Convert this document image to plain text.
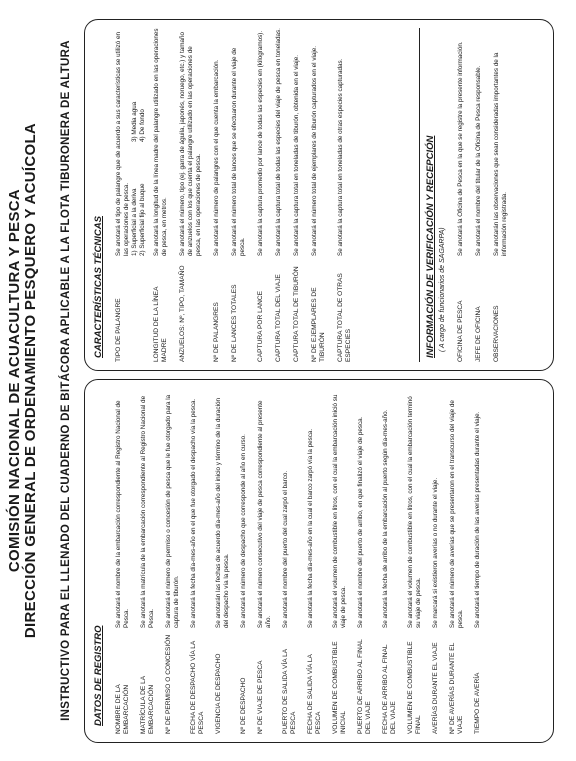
COMISIÓN NACIONAL DE ACUACULTURA Y PESCA DIRECCIÓN GENERAL DE ORDENAMIENTO PESQUERO Y ACUÍCOLA INSTRUCTIVO PARA EL LLENADO DEL CUADERNO DE BITÁCORA APLICABLE A LA FLOTA TIBURONERA DE ALTURA DATOS DE REGISTRO NOMBRE DE LA EMBARCACIÓN
Se anotará el nombre de la embarcación correspondiente al Registro Nacional de Pesca.
MATRÍCULA DE LA EMBARCACIÓN
Se anotará la matrícula de la embarcación correspondiente al Registro Nacional de Pesca.
Nº DE PERMISO O CONCESIÓN
Se anotará el número de permiso o concesión de pesca que le fue otorgado para la captura de tiburón.
FECHA DE DESPACHO VÍA LA PESCA
Se anotará la fecha día-mes-año en el que fue otorgado el despacho vía la pesca.
VIGENCIA DE DESPACHO
Se anotarán las fechas de acuerdo día-mes-año del inicio y término de la duración del despacho vía la pesca.
Nº DE DESPACHO
Se anotará el número de despacho que corresponde al año en curso.
Nº DE VIAJE DE PESCA
Se anotará el número consecutivo del viaje de pesca correspondiente al presente año.
PUERTO DE SALIDA VÍA LA PESCA
Se anotará el nombre del puerto del cual zarpó el barco.
FECHA DE SALIDA VÍA LA PESCA
Se anotará la fecha día-mes-año en la cual el barco zarpó vía la pesca.
VOLUMEN DE COMBUSTIBLE INICIAL
Se anotará el volumen de combustible en litros, con el cual la embarcación inició su viaje de pesca.
PUERTO DE ARRIBO AL FINAL DEL VIAJE
Se anotará el nombre del puerto de arribo, en que finalizó el viaje de pesca.
FECHA DE ARRIBO AL FINAL DEL VIAJE
Se anotará la fecha de arribo de la embarcación al puerto según día-mes-año.
VOLUMEN DE COMBUSTIBLE FINAL
Se anotará el volumen de combustible en litros, con el cual la embarcación terminó su viaje de pesca.
AVERÍAS DURANTE EL VIAJE
Se marcará si existieron averías o no durante el viaje.
Nº DE AVERÍAS DURANTE EL VIAJE
Se anotará el número de averías que se presentaron en el transcurso del viaje de pesca.
TIEMPO DE AVERÍA
Se anotará el tiempo de duración de las averías presentadas durante el viaje.
CARACTERÍSTICAS TÉCNICAS TIPO DE PALANGRE
Se anotará el tipo de palangre que de acuerdo a sus características se utilizó en las operaciones de pesca. 1) Superficial a la deriva 2) Superficial fijo al buque
3) Media agua 4) De fondo
LONGITUD DE LA LÍNEA MADRE
Se anotará la longitud de la línea madre del palangre utilizado en las operaciones de pesca, en metros.
ANZUELOS: Nº, TIPO, TAMAÑO
Se anotará el número, tipo (ej. garra de águila, japonés, noruego, etc.) y tamaño de anzuelos con los que cuenta el palangre utilizado en las operaciones de pesca, en las operaciones de pesca.
Nº DE PALANGRES
Se anotará el número de palangres con el que cuenta la embarcación.
Nº DE LANCES TOTALES
Se anotará el número total de lances que se efectuaron durante el viaje de pesca.
CAPTURA POR LANCE
Se anotará la captura promedio por lance de todas las especies en (kilogramos).
CAPTURA TOTAL DEL VIAJE
Se anotará la captura total de todas las especies del viaje de pesca en toneladas.
CAPTURA TOTAL DE TIBURÓN
Se anotará la captura total en toneladas de tiburón, obtenida en el viaje.
Nº DE EJEMPLARES DE TIBURÓN
Se anotará el número total de ejemplares de tiburón capturados en el viaje.
CAPTURA TOTAL DE OTRAS ESPECIES
Se anotará la captura total en toneladas de otras especies capturadas.	INFORMACIÓN DE VERIFICACIÓN Y RECEPCIÓN ( A cargo de funcionarios de SAGARPA) OFICINA DE PESCA
Se anotará la Oficina de Pesca en la que se registre la presente información.
JEFE DE OFICINA
Se anotará el nombre del titular de la Oficina de Pesca responsable.
OBSERVACIONES
Se anotarán las observaciones que sean consideradas importantes de la información registrada.
